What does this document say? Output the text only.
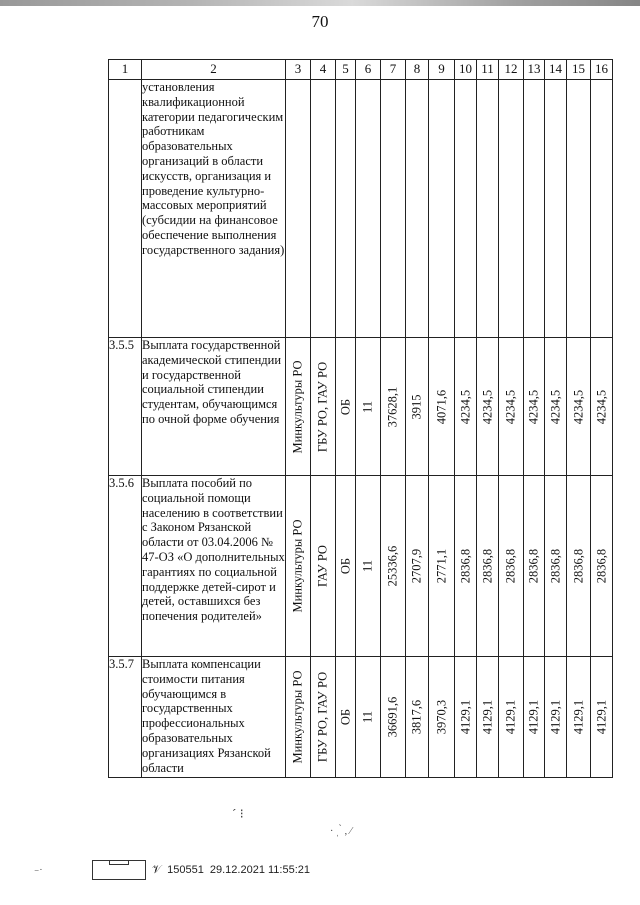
70
1	2	3	4	5	6	7	8	9	10	11	12	13	14	15	16
	установления квалификационной категории педагогическим работникам образовательных организаций в области искусств, организация и проведение культурно-массовых мероприятий (субсидии на финансовое обеспечение выполнения государственного задания)														
3.5.5	Выплата государственной академической стипендии и государственной социальной стипендии студентам, обучающимся по очной форме обучения	Минкультуры РО	ГБУ РО, ГАУ РО	ОБ	11	37628,1	3915	4071,6	4234,5	4234,5	4234,5	4234,5	4234,5	4234,5	4234,5

3.5.6	Выплата пособий по социальной помощи населению в соответствии с Законом Рязанской области от 03.04.2006 № 47-ОЗ «О дополнительных гарантиях по социальной поддержке детей-сирот и детей, оставшихся без попечения родителей»	Минкультуры РО	ГАУ РО	ОБ	11	25336,6	2707,9	2771,1	2836,8	2836,8	2836,8	2836,8	2836,8	2836,8	2836,8

3.5.7	Выплата компенсации стоимости питания обучающимся в государственных профессиональных образовательных организациях Рязанской области	Минкультуры РО	ГБУ РО, ГАУ РО	ОБ	11	36691,6	3817,6	3970,3	4129,1	4129,1	4129,1	4129,1	4129,1	4129,1	4129,1
ˊ ⁝
· ˌ ̀ ‚ ⁄
⁻˙	𝒱 150551 29.12.2021 11:55:21
